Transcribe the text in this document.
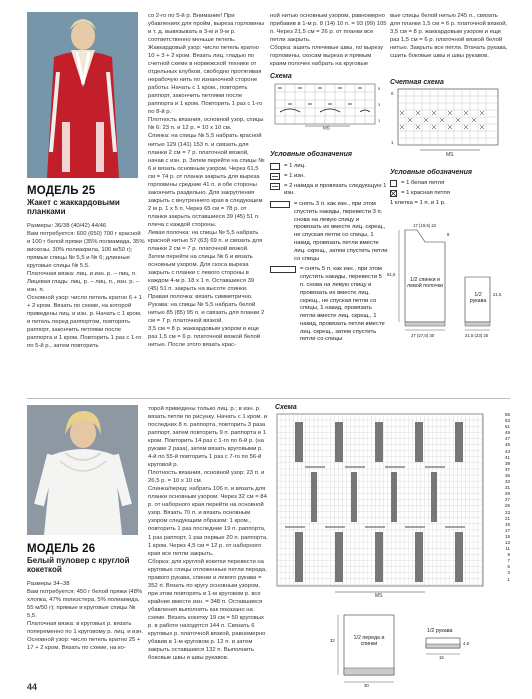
МОДЕЛЬ 25
Жакет с жаккардовыми планками
Размеры: 36/38 (40/42) 44/46
Вам потребуется: 600 (650) 700 г красной и 100 г белой пряжи (35% полиамида, 35% вискозы, 30% полиакрила, 100 м/50 г); прямые спицы № 5,5 и № 6; длинные круговые спицы № 5,5.
Платочная вязка: лиц. и изн. р. – лиц. п.
Лицевая гладь: лиц. р. – лиц. п., изн. р. – изн. п.
Основной узор: число петель кратно 6 + 1 + 2 кром. Вязать по схеме, на которой приведены лиц. и изн. р. Начать с 1 кром. и петель перед раппортом, повторять раппорт, закончить петлями после раппорта и 1 кром. Повторить 1 раз с 1-го по 5-й р., затем повторить
со 2-го по 5-й р. Внимание! При убавлениях для пройм, выреза горловины и т. д. вывязывать в 3-м и 9-м р. соответственно меньше петель.
Жаккардовый узор: число петель кратно 10 + 3 + 2 кром. Вязать лиц. гладью по счетной схеме в норвежской технике от отдельных клубков, свободно протягивая нерабочую нить по изнаночной стороне работы. Начать с 1 кром., повторять раппорт, закончить петлями после раппорта и 1 кром. Повторить 1 раз с 1-го по 8-й р.
Плотность вязания, основной узор, спицы № 6: 23 п. и 12 р. = 10 х 10 см.
Спинка: на спицы № 5,5 набрать красной нитью 129 (141) 153 п. и связать для планки 2 см = 7 р. платочной вязкой, начав с изн. р. Затем перейти на спицы № 6 и вязать основным узором. Через 61,5 см = 74 р. от планки закрыть для выреза горловины средние 41 п. и обе стороны закончить раздельно. Для закругления закрыть с внутреннего края в следующем 2 м р. 1 х 5 п. Через 65 см = 78 р. от планки закрыть оставшиеся 39 (45) 51 п. плеча с каждой стороны.
Левая полочка: на спицы № 5,5 набрать красной нитью 57 (63) 69 п. и связать для планки 2 см = 7 р. платочной вязкой. Затем перейти на спицы № 6 и вязать основным узором. Для скоса выреза закрыть с планки с левого стороны в каждом 4-м р. 18 х 1 п. Оставшиеся 39 (45) 51 п. закрыть на высоте спинки.
Правая полочка: вязать симметрично.
Рукава: на спицы № 5,5 набрать белой нитью 85 (85) 95 п. и связать для планки 2 см = 7 р. платочной вязкой.
3,5 см = 8 р. жаккардовым узором и еще раз 1,5 см = 6 р. платочной вязкой белой нитью. После этого вязать крас-
ной нитью основным узором, равномерно прибавив в 1-м р. 8 (14) 10 п. = 93 (99) 105 п. Через 21,5 см = 26 р. от планки все петли закрыть.
Сборка: вшить плечевые швы, по вырезу горловины, скосам выреза и прямым краям полочек набрать на круговые
вые спицы белой нитью 245 п., связать для планки 1,5 см = 6 р. платочной вязкой, 3,5 см = 8 р. жаккардовым узором и еще раз 1,5 см = 6 р. платочной вязкой белой нитью. Закрыть все петли. Втачать рукава, сшить боковые швы и швы рукавов.
Схема
MS
5
3
1
Условные обозначения
= 1 лиц.
= 1 изн.
= 2 накида и провязать следующую 1 изн.
= снять 3 п. как изн., при этом спустить накиды, перевести 3 п. снова на левую спицу и провязать их вместе лиц. скрещ., не спуская петли со спицы, 1 накид, провязать петли вместе лиц. скрещ., затем спустить петли со спицы
= снять 5 п. как изн., при этом спустить накиды, перевести 5 п. снова на левую спицу и провязать их вместе лиц. скрещ., не спуская петли со спицы, 1 накид, провязать петли вместе лиц. скрещ., 1 накид, провязать петли вместе лиц. скрещ., затем спустить петли со спицы
Счетная схема
MS
8
1
Условные обозначения
= 1 белая петля
= 1 красная петля
1 клетка = 1 п. и 1 р.
1/2 спинки и левой полочки
1/2 рукава
17 (19,5) 22
8
61,5
27 (27,5) 30
21,5
21,5 (23) 25
МОДЕЛЬ 26
Белый пуловер с круглой кокеткой
Размеры 34–38
Вам потребуется: 450 г белой пряжи (48% хлопка, 47% полиэстера, 5% полиамида, 55 м/50 г); прямые и круговые спицы № 5,5.
Платочная вязка: в круговых р. вязать попеременно по 1 круговому р. лиц. и изн.
Основной узор: число петель кратно 25 + 17 + 2 кром. Вязать по схеме, на ко-
торой приведены только лиц. р.; в изн. р. вязать петли по рисунку. Начать с 1 кром. и последних 8 п. раппорта, повторить 3 раза раппорт, затем повторить 9 п. раппорта и 1 кром. Повторить 14 раз с 1-го по 6-й р. (на рукаве 2 раза), затем вязать круговыми р. 4-й по 55-й повторить 1 раз с 7-го по 56-й круговой р.
Плотность вязания, основной узор: 23 п. и 26,5 р. = 10 х 10 см.
Спинка/перед: набрать 106 п. и вязать для планки основным узором. Через 32 см = 84 р. от наборного края перейти на основной узор. Вязать 70 п. и вязать основным узором следующим образом: 1 кром., повторить 1 раз последние 19 п. раппорта, 1 раз раппорт, 1 раз первые 20 п. раппорта, 1 кром. Через 4,5 см = 12 р. от наборного края все петли закрыть.
Сборка: для круглой кокетки перевести на круговые спицы отложенные петли переда, правого рукава, спинки и левого рукава = 352 п. Вязать по кругу основным узором, при этом повторять в 1-м круговом р. все крайние вместе изн. = 348 п. Оставшиеся убавления выполнять как показано на схеме. Вязать кокетку 19 см = 50 круговых р. в работе находятся 144 п. Связать 6 круговых р. платочной вязкой, равномерно убавив в 1-м круговом р. 12 п. и затем закрыть оставшиеся 132 п. Выполнить боковые швы и швы рукавов.
Схема
MS
55
53
51
49
47
45
43
41
39
37
35
33
31
29
27
25
23
21
19
17
15
13
11
9
7
5
3
1
1/2 переда и спинки
1/2 рукава
32
30
15
4,5
44
